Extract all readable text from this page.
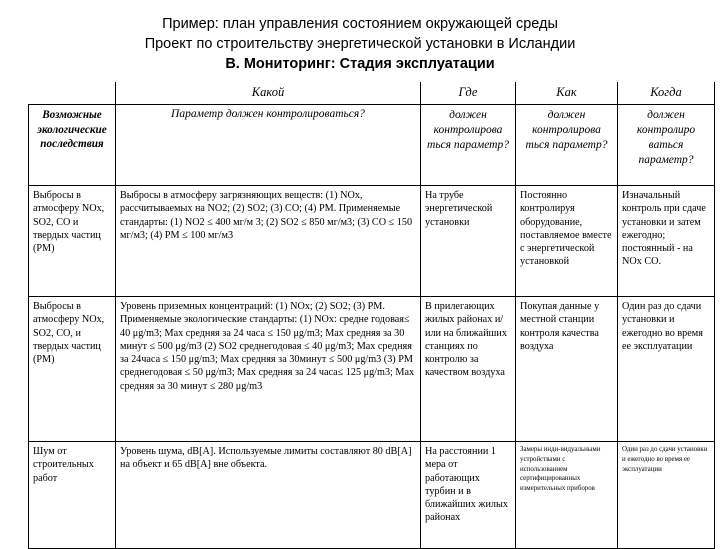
Пример: план управления состоянием окружающей среды
Проект по строительству энергетической установки в Исландии
В. Мониторинг: Стадия эксплуатации
	Какой	Где	Как	Когда
Возможные экологические последствия	Параметр должен контролироваться?	должен контролирова ться параметр?	должен контролирова ться параметр?	должен контролиро ваться параметр?
Выбросы в атмосферу NOx, SO2, CO и твердых частиц (PM)	Выбросы в атмосферу загрязняющих веществ: (1) NOx, рассчитываемых на NO2; (2) SO2; (3) CO; (4) PM. Применяемые стандарты: (1) NO2 ≤ 400 мг/м 3; (2) SO2 ≤ 850 мг/м3; (3) CO ≤ 150 мг/м3; (4) PM ≤ 100 мг/м3	На трубе энергетической установки	Постоянно контролируя оборудование, поставляемое вместе с энергетической установкой	Изначальный контроль при сдаче установки и затем ежегодно; постоянный - на NOx CO.
Выбросы в атмосферу NOx, SO2, CO, и твердых частиц (PM)	Уровень приземных концентраций: (1) NOx; (2) SO2; (3) PM. Применяемые экологические стандарты: (1) NOx: средне годовая≤ 40 μg/m3; Max средняя за 24 часа ≤ 150 μg/m3; Max средняя за 30 минут ≤ 500 μg/m3 (2) SO2 среднегодовая ≤ 40 μg/m3; Max средняя за 24часа ≤ 150 μg/m3; Max средняя за 30минут ≤ 500 μg/m3 (3) PM среднегодовая ≤ 50 μg/m3; Max средняя за 24 часа≤ 125 μg/m3; Max средняя за 30 минут ≤ 280 μg/m3	В прилегающих жилых районах и/или на ближайших станциях по контролю за качеством воздуха	Покупая данные у местной станции контроля качества воздуха	Один раз до сдачи установки и ежегодно во время ее эксплуатации
Шум от строительных работ	Уровень шума, dB[A]. Используемые лимиты составляют 80 dB[A] на объект и 65 dB[A] вне объекта.	На расстоянии 1 мера от работающих турбин и в ближайших жилых районах	Замеры инди-видуальными устройствами с использованием сертифицированных измерительных приборов	Один раз до сдачи установки и ежегодно во время ее эксплуатации
